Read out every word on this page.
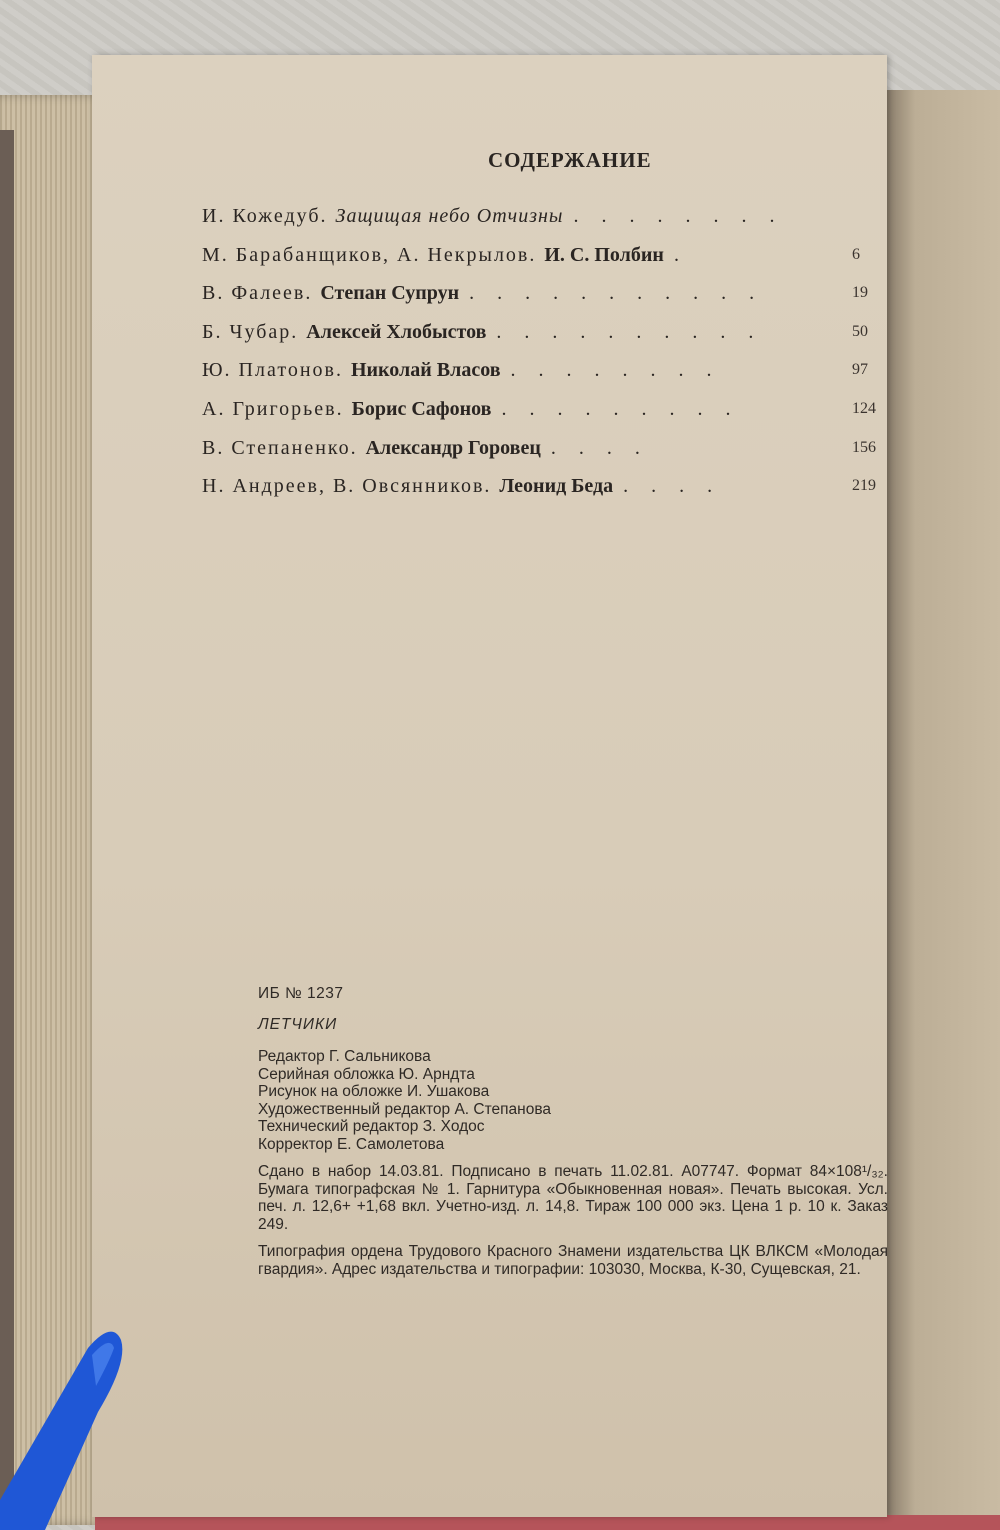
СОДЕРЖАНИЕ
И. Кожедуб. Защищая небо Отчизны . . . . . . . .
М. Барабанщиков, А. Некрылов. И. С. Полбин .	6
В. Фалеев. Степан Супрун . . . . . . . . . . .	19
Б. Чубар. Алексей Хлобыстов . . . . . . . . . .	50
Ю. Платонов. Николай Власов . . . . . . . .	97
А. Григорьев. Борис Сафонов . . . . . . . . .	124
В. Степаненко. Александр Горовец . . . .	156
Н. Андреев, В. Овсянников. Леонид Беда . . . .	219
ИБ № 1237
ЛЕТЧИКИ
Редактор Г. Сальникова
Серийная обложка Ю. Арндта
Рисунок на обложке И. Ушакова
Художественный редактор А. Степанова
Технический редактор З. Ходос
Корректор Е. Самолетова
Сдано в набор 14.03.81. Подписано в печать 11.02.81. А07747. Формат 84×108¹/₃₂. Бумага типографская № 1. Гарнитура «Обыкновенная новая». Печать высокая. Усл. печ. л. 12,6+ +1,68 вкл. Учетно-изд. л. 14,8. Тираж 100 000 экз. Цена 1 р. 10 к. Заказ 249.
Типография ордена Трудового Красного Знамени издательства ЦК ВЛКСМ «Молодая гвардия». Адрес издательства и типографии: 103030, Москва, К-30, Сущевская, 21.
